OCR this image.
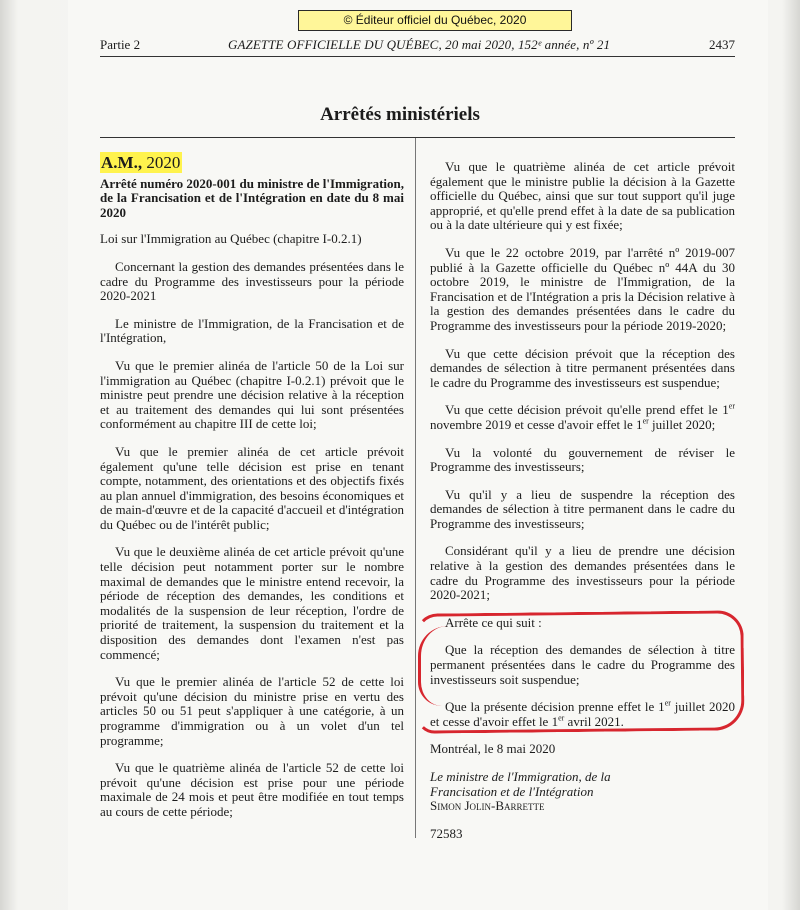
© Éditeur officiel du Québec, 2020
Partie 2	GAZETTE OFFICIELLE DU QUÉBEC, 20 mai 2020, 152ᵉ année, nº 21	2437
Arrêtés ministériels
A.M., 2020

Arrêté numéro 2020-001 du ministre de l'Immigration, de la Francisation et de l'Intégration en date du 8 mai 2020

Loi sur l'Immigration au Québec (chapitre I-0.2.1)

Concernant la gestion des demandes présentées dans le cadre du Programme des investisseurs pour la période 2020-2021

Le ministre de l'Immigration, de la Francisation et de l'Intégration,

Vu que le premier alinéa de l'article 50 de la Loi sur l'immigration au Québec (chapitre I-0.2.1) prévoit que le ministre peut prendre une décision relative à la réception et au traitement des demandes qui lui sont présentées conformément au chapitre III de cette loi;

Vu que le premier alinéa de cet article prévoit également qu'une telle décision est prise en tenant compte, notamment, des orientations et des objectifs fixés au plan annuel d'immigration, des besoins économiques et de main-d'œuvre et de la capacité d'accueil et d'intégration du Québec ou de l'intérêt public;

Vu que le deuxième alinéa de cet article prévoit qu'une telle décision peut notamment porter sur le nombre maximal de demandes que le ministre entend recevoir, la période de réception des demandes, les conditions et modalités de la suspension de leur réception, l'ordre de priorité de traitement, la suspension du traitement et la disposition des demandes dont l'examen n'est pas commencé;

Vu que le premier alinéa de l'article 52 de cette loi prévoit qu'une décision du ministre prise en vertu des articles 50 ou 51 peut s'appliquer à une catégorie, à un programme d'immigration ou à un volet d'un tel programme;

Vu que le quatrième alinéa de l'article 52 de cette loi prévoit qu'une décision est prise pour une période maximale de 24 mois et peut être modifiée en tout temps au cours de cette période;

Vu que le quatrième alinéa de cet article prévoit également que le ministre publie la décision à la Gazette officielle du Québec, ainsi que sur tout support qu'il juge approprié, et qu'elle prend effet à la date de sa publication ou à la date ultérieure qui y est fixée;

Vu que le 22 octobre 2019, par l'arrêté nº 2019-007 publié à la Gazette officielle du Québec nº 44A du 30 octobre 2019, le ministre de l'Immigration, de la Francisation et de l'Intégration a pris la Décision relative à la gestion des demandes présentées dans le cadre du Programme des investisseurs pour la période 2019-2020;

Vu que cette décision prévoit que la réception des demandes de sélection à titre permanent présentées dans le cadre du Programme des investisseurs est suspendue;

Vu que cette décision prévoit qu'elle prend effet le 1er novembre 2019 et cesse d'avoir effet le 1er juillet 2020;

Vu la volonté du gouvernement de réviser le Programme des investisseurs;

Vu qu'il y a lieu de suspendre la réception des demandes de sélection à titre permanent dans le cadre du Programme des investisseurs;

Considérant qu'il y a lieu de prendre une décision relative à la gestion des demandes présentées dans le cadre du Programme des investisseurs pour la période 2020-2021;

Arrête ce qui suit :

Que la réception des demandes de sélection à titre permanent présentées dans le cadre du Programme des investisseurs soit suspendue;

Que la présente décision prenne effet le 1er juillet 2020 et cesse d'avoir effet le 1er avril 2021.

Montréal, le 8 mai 2020

Le ministre de l'Immigration, de la

Francisation et de l'Intégration

Simon Jolin-Barrette

72583
